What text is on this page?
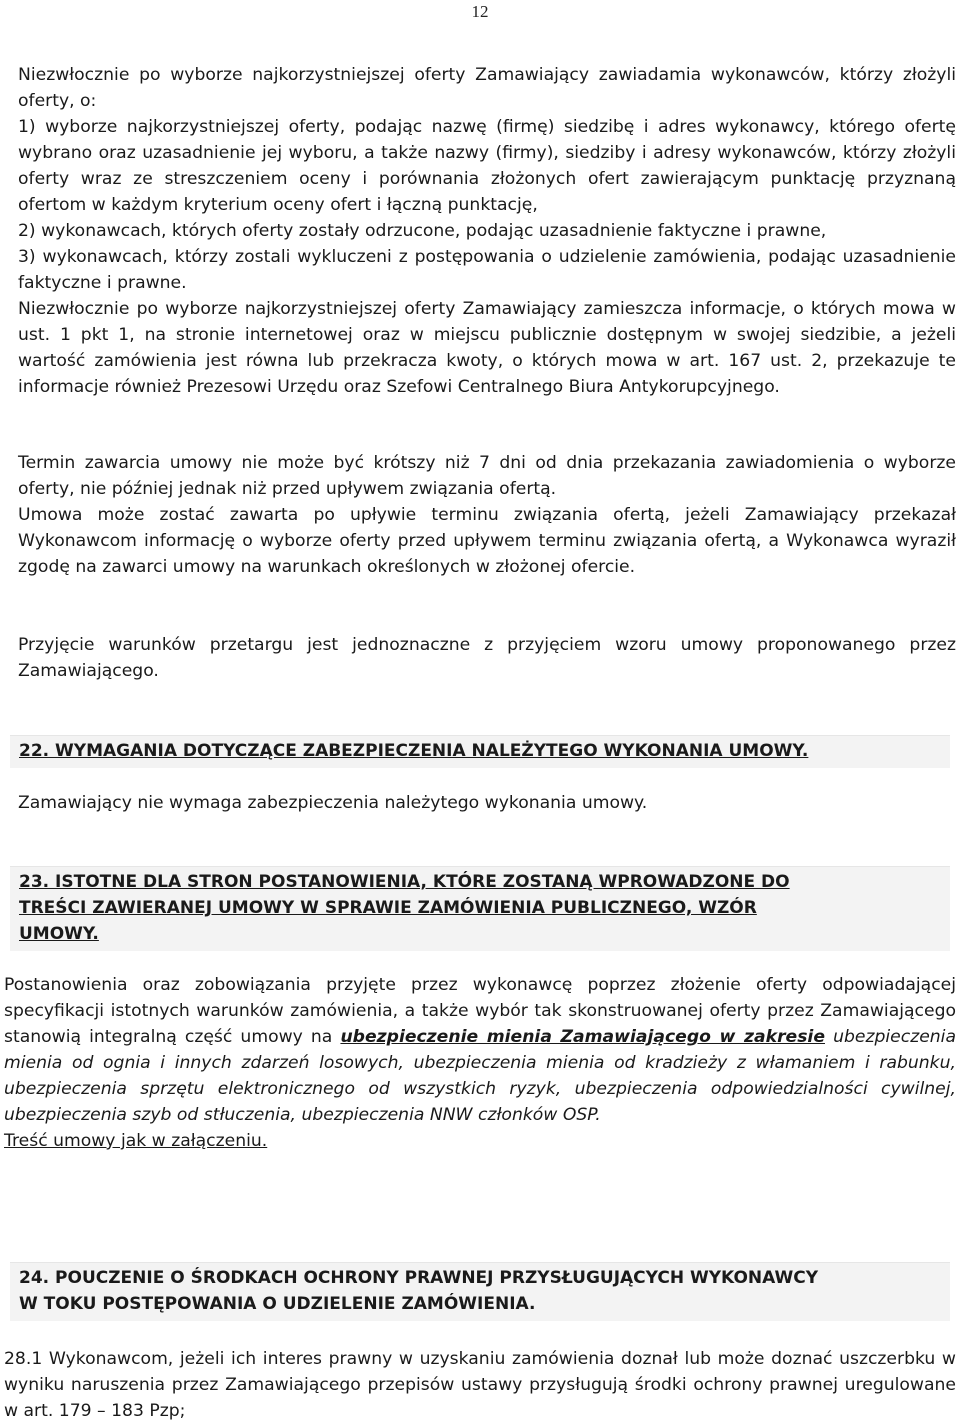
12

Niezwłocznie po wyborze najkorzystniejszej oferty Zamawiający zawiadamia wykonawców, którzy złożyli oferty, o:

1) wyborze najkorzystniejszej oferty, podając nazwę (firmę) siedzibę i adres wykonawcy, którego ofertę wybrano oraz uzasadnienie jej wyboru, a także nazwy (firmy), siedziby i adresy wykonawców, którzy złożyli oferty wraz ze streszczeniem oceny i porównania złożonych ofert zawierającym punktację przyznaną ofertom w każdym kryterium oceny ofert i łączną punktację,

2) wykonawcach, których oferty zostały odrzucone, podając uzasadnienie faktyczne i prawne,

3) wykonawcach, którzy zostali wykluczeni z postępowania o udzielenie zamówienia, podając uzasadnienie faktyczne i prawne.

Niezwłocznie po wyborze najkorzystniejszej oferty Zamawiający zamieszcza informacje, o których mowa w ust. 1 pkt 1, na stronie internetowej oraz w miejscu publicznie dostępnym w swojej siedzibie, a jeżeli wartość zamówienia jest równa lub przekracza kwoty, o których mowa w art. 167 ust. 2, przekazuje te informacje również Prezesowi Urzędu oraz Szefowi Centralnego Biura Antykorupcyjnego.

Termin zawarcia umowy nie może być krótszy niż 7 dni od dnia przekazania zawiadomienia o wyborze oferty, nie później jednak niż przed upływem związania ofertą.

Umowa może zostać zawarta po upływie terminu związania ofertą, jeżeli Zamawiający przekazał Wykonawcom informację o wyborze oferty przed upływem terminu związania ofertą, a Wykonawca wyraził zgodę na zawarci umowy na warunkach określonych w złożonej ofercie.

Przyjęcie warunków przetargu jest jednoznaczne z przyjęciem wzoru umowy proponowanego przez Zamawiającego.

22. WYMAGANIA DOTYCZĄCE ZABEZPIECZENIA NALEŻYTEGO WYKONANIA UMOWY.

Zamawiający nie wymaga zabezpieczenia należytego wykonania umowy.

23. ISTOTNE DLA STRON POSTANOWIENIA, KTÓRE ZOSTANĄ WPROWADZONE DO
TREŚCI ZAWIERANEJ UMOWY W SPRAWIE ZAMÓWIENIA PUBLICZNEGO, WZÓR
UMOWY.

Postanowienia oraz zobowiązania przyjęte przez wykonawcę poprzez złożenie oferty odpowiadającej specyfikacji istotnych warunków zamówienia, a także wybór tak skonstruowanej oferty przez Zamawiającego stanowią integralną część umowy na ubezpieczenie mienia Zamawiającego w zakresie ubezpieczenia mienia od ognia i innych zdarzeń losowych, ubezpieczenia mienia od kradzieży z włamaniem i rabunku, ubezpieczenia sprzętu elektronicznego od wszystkich ryzyk, ubezpieczenia odpowiedzialności cywilnej, ubezpieczenia szyb od stłuczenia, ubezpieczenia NNW członków OSP.

Treść umowy jak w załączeniu.

24. POUCZENIE O ŚRODKACH OCHRONY PRAWNEJ PRZYSŁUGUJĄCYCH WYKONAWCY
W TOKU POSTĘPOWANIA O UDZIELENIE ZAMÓWIENIA.

28.1 Wykonawcom, jeżeli ich interes prawny w uzyskaniu zamówienia doznał lub może doznać uszczerbku w wyniku naruszenia przez Zamawiającego przepisów ustawy przysługują środki ochrony prawnej uregulowane w art. 179 – 183 Pzp;
